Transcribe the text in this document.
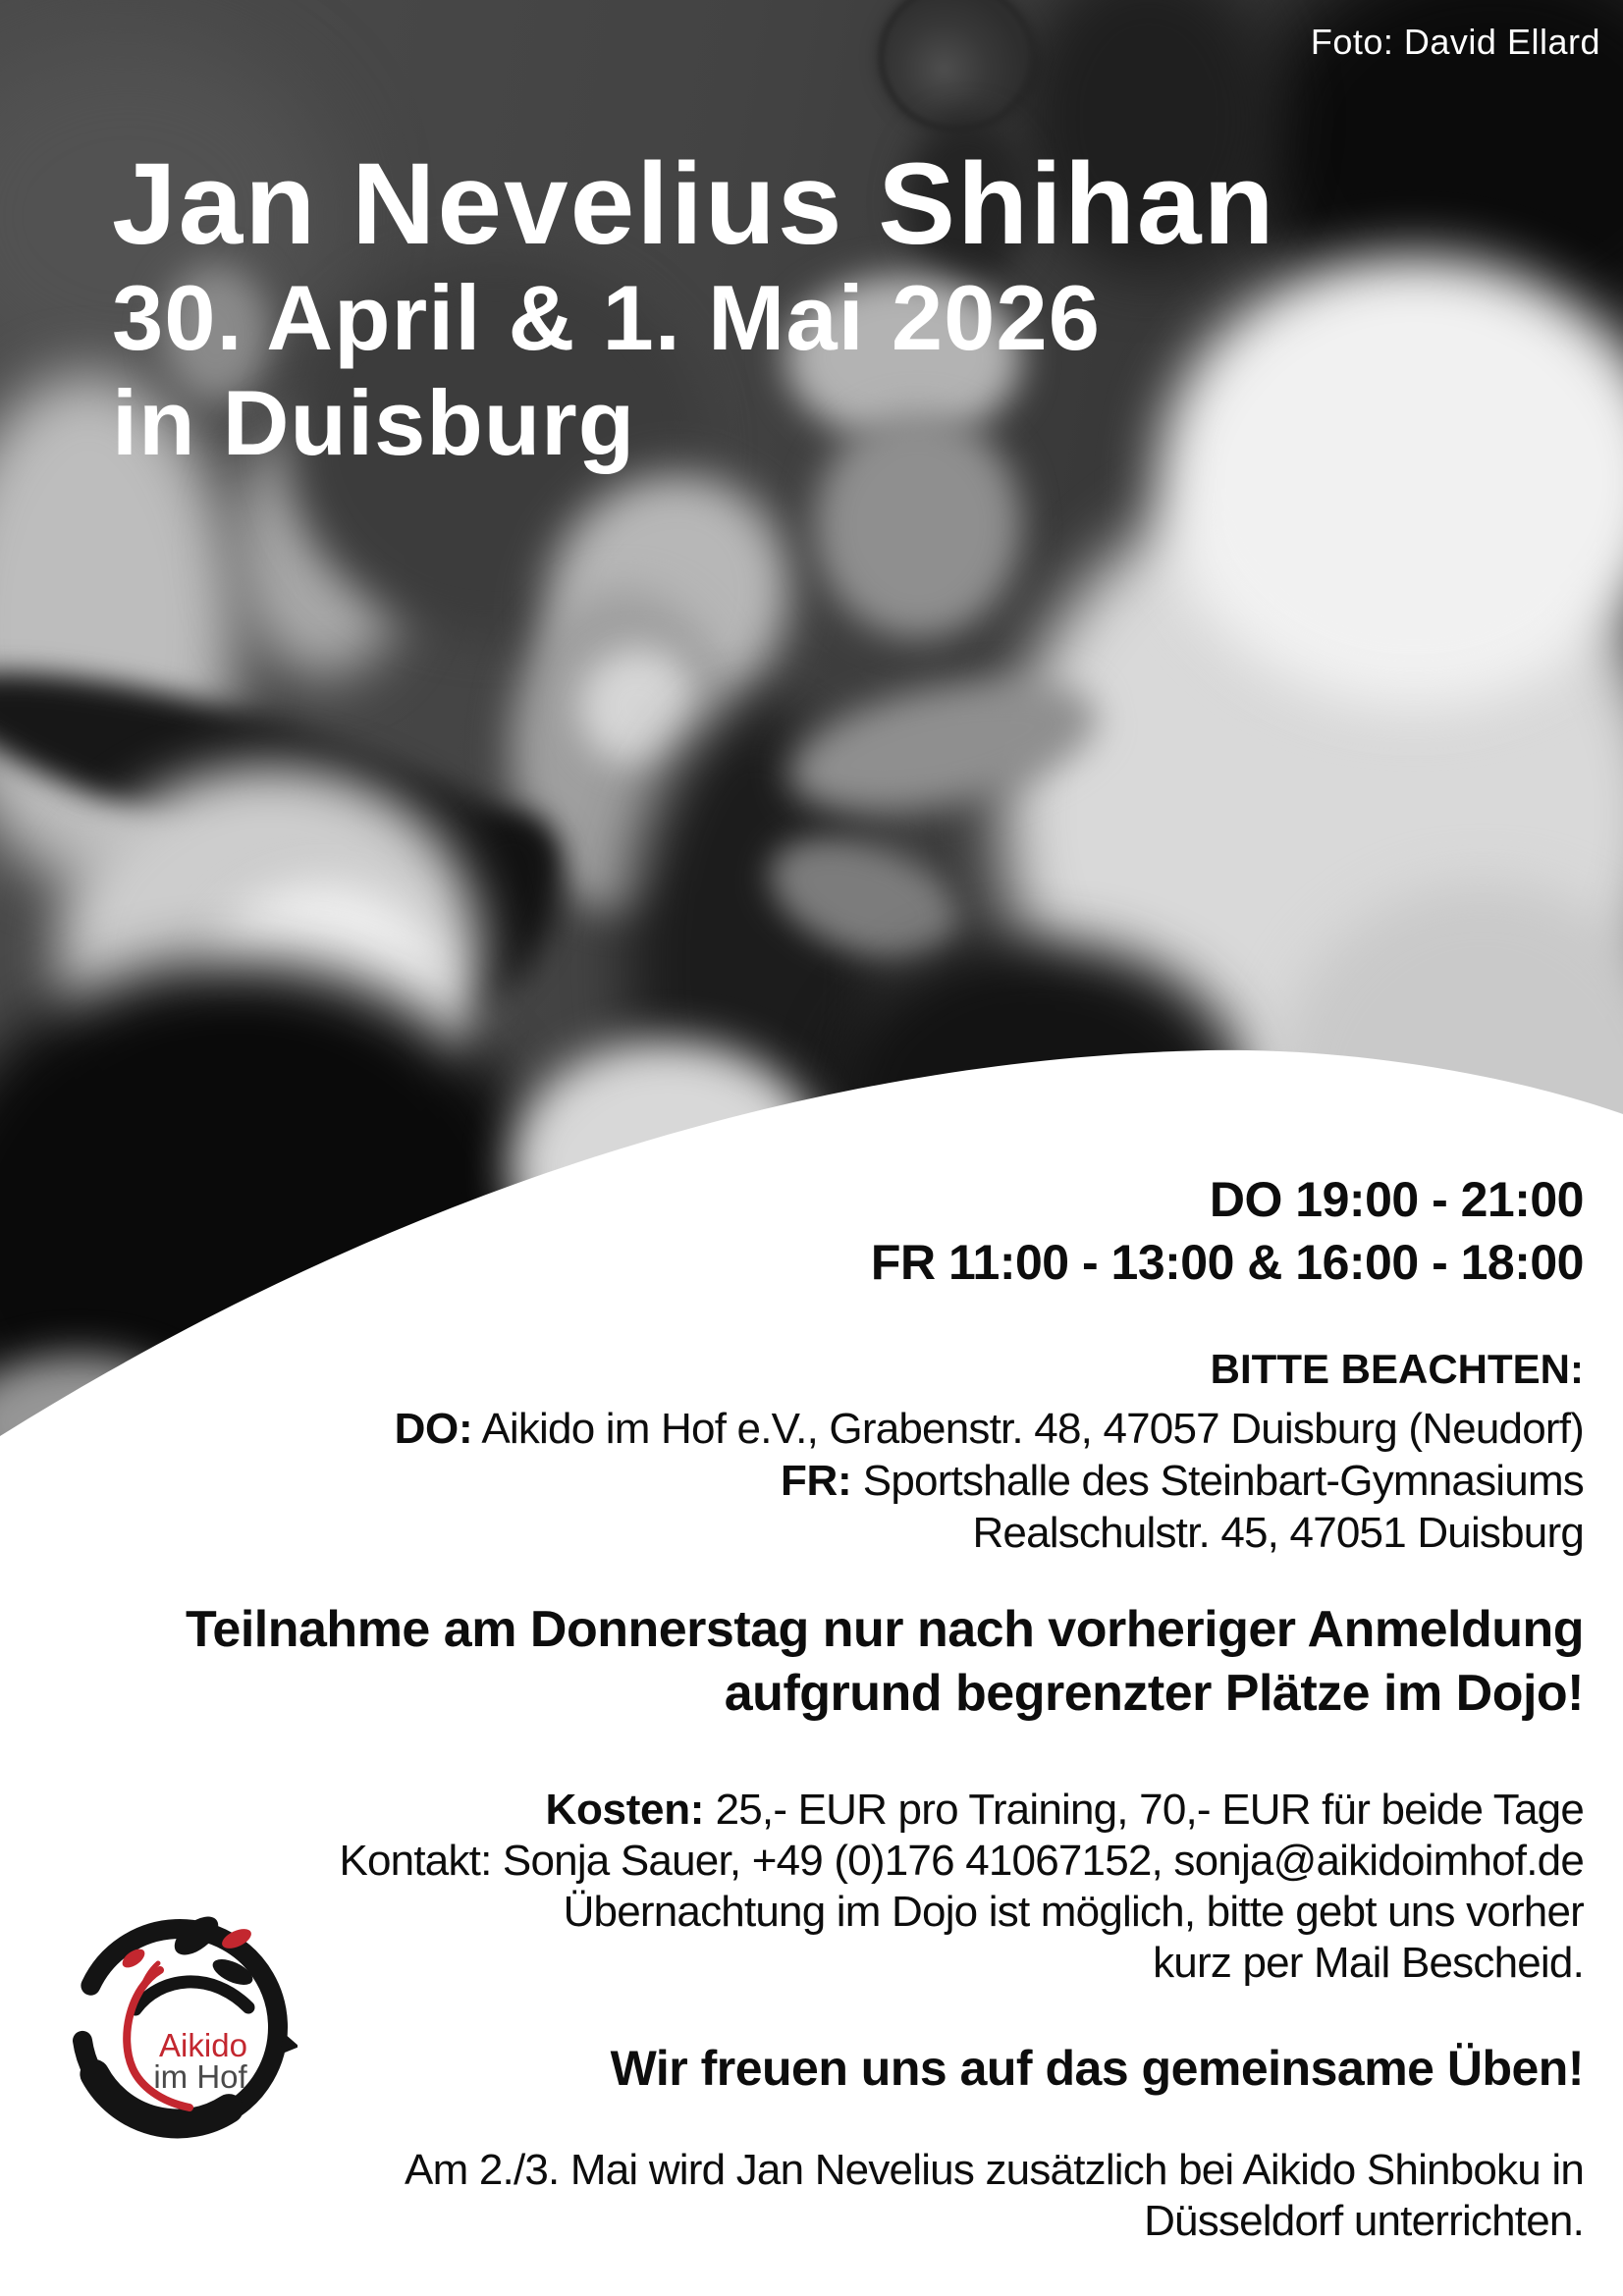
Foto: David Ellard
Jan Nevelius Shihan
30. April & 1. Mai 2026
in Duisburg
DO 19:00 - 21:00
FR 11:00 - 13:00 & 16:00 - 18:00
BITTE BEACHTEN:
DO: Aikido im Hof e.V., Grabenstr. 48, 47057 Duisburg (Neudorf)
FR: Sportshalle des Steinbart-Gymnasiums
Realschulstr. 45, 47051 Duisburg
Teilnahme am Donnerstag nur nach vorheriger Anmeldung
aufgrund begrenzter Plätze im Dojo!
Kosten: 25,- EUR pro Training, 70,- EUR für beide Tage
Kontakt: Sonja Sauer, +49 (0)176 41067152, sonja@aikidoimhof.de
Übernachtung im Dojo ist möglich, bitte gebt uns vorher
kurz per Mail Bescheid.
Wir freuen uns auf das gemeinsame Üben!
Am 2./3. Mai wird Jan Nevelius zusätzlich bei Aikido Shinboku in
Düsseldorf unterrichten.
Aikido
im Hof
